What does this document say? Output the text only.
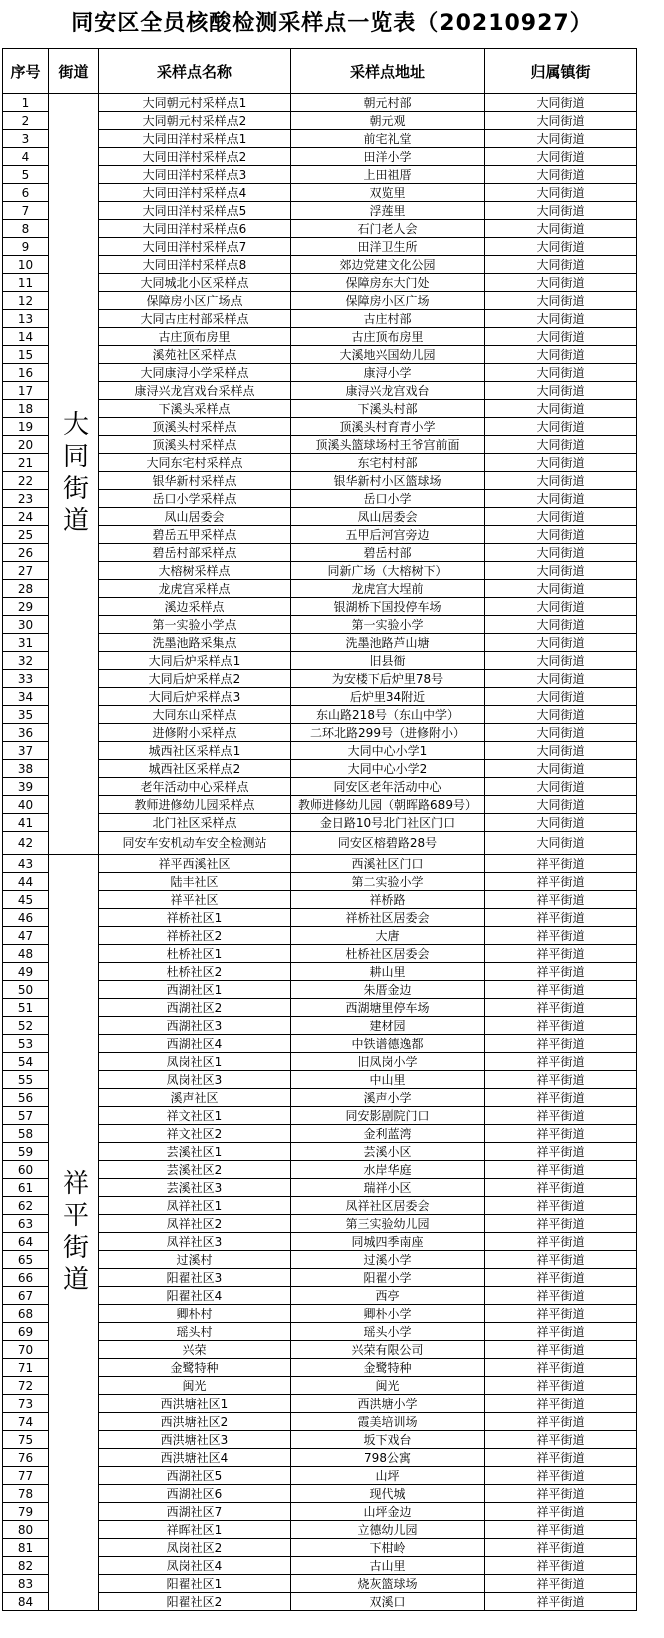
同安区全员核酸检测采样点一览表（20210927）
序号	街道	采样点名称	采样点地址	归属镇街
1	大同街道	大同朝元村采样点1	朝元村部	大同街道
2		大同朝元村采样点2	朝元观	大同街道
3		大同田洋村采样点1	前宅礼堂	大同街道
4		大同田洋村采样点2	田洋小学	大同街道
5		大同田洋村采样点3	上田祖厝	大同街道
6		大同田洋村采样点4	双览里	大同街道
7		大同田洋村采样点5	浮莲里	大同街道
8		大同田洋村采样点6	石门老人会	大同街道
9		大同田洋村采样点7	田洋卫生所	大同街道
10		大同田洋村采样点8	郊边党建文化公园	大同街道
11		大同城北小区采样点	保障房东大门处	大同街道
12		保障房小区广场点	保障房小区广场	大同街道
13		大同古庄村部采样点	古庄村部	大同街道
14		古庄顶布房里	古庄顶布房里	大同街道
15		溪苑社区采样点	大溪地兴国幼儿园	大同街道
16		大同康浔小学采样点	康浔小学	大同街道
17		康浔兴龙宫戏台采样点	康浔兴龙宫戏台	大同街道
18		下溪头采样点	下溪头村部	大同街道
19		顶溪头村采样点	顶溪头村育青小学	大同街道
20		顶溪头村采样点	顶溪头篮球场村王爷宫前面	大同街道
21		大同东宅村采样点	东宅村村部	大同街道
22		银华新村采样点	银华新村小区篮球场	大同街道
23		岳口小学采样点	岳口小学	大同街道
24		凤山居委会	凤山居委会	大同街道
25		碧岳五甲采样点	五甲后河宫旁边	大同街道
26		碧岳村部采样点	碧岳村部	大同街道
27		大榕树采样点	同新广场（大榕树下）	大同街道
28		龙虎宫采样点	龙虎宫大埕前	大同街道
29		溪边采样点	银湖桥下国投停车场	大同街道
30		第一实验小学点	第一实验小学	大同街道
31		洗墨池路采集点	洗墨池路芦山塘	大同街道
32		大同后炉采样点1	旧县衙	大同街道
33		大同后炉采样点2	为安楼下后炉里78号	大同街道
34		大同后炉采样点3	后炉里34附近	大同街道
35		大同东山采样点	东山路218号（东山中学）	大同街道
36		进修附小采样点	二环北路299号（进修附小）	大同街道
37		城西社区采样点1	大同中心小学1	大同街道
38		城西社区采样点2	大同中心小学2	大同街道
39		老年活动中心采样点	同安区老年活动中心	大同街道
40		教师进修幼儿园采样点	教师进修幼儿园（朝晖路689号）	大同街道
41		北门社区采样点	金日路10号北门社区门口	大同街道
42		同安车安机动车安全检测站	同安区榕碧路28号	大同街道
43	祥平街道	祥平西溪社区	西溪社区门口	祥平街道
44		陆丰社区	第二实验小学	祥平街道
45		祥平社区	祥桥路	祥平街道
46		祥桥社区1	祥桥社区居委会	祥平街道
47		祥桥社区2	大唐	祥平街道
48		杜桥社区1	杜桥社区居委会	祥平街道
49		杜桥社区2	耕山里	祥平街道
50		西湖社区1	朱厝金边	祥平街道
51		西湖社区2	西湖塘里停车场	祥平街道
52		西湖社区3	建材园	祥平街道
53		西湖社区4	中铁谱德逸都	祥平街道
54		凤岗社区1	旧凤岗小学	祥平街道
55		凤岗社区3	中山里	祥平街道
56		溪声社区	溪声小学	祥平街道
57		祥文社区1	同安影剧院门口	祥平街道
58		祥文社区2	金利蓝湾	祥平街道
59		芸溪社区1	芸溪小区	祥平街道
60		芸溪社区2	水岸华庭	祥平街道
61		芸溪社区3	瑞祥小区	祥平街道
62		凤祥社区1	凤祥社区居委会	祥平街道
63		凤祥社区2	第三实验幼儿园	祥平街道
64		凤祥社区3	同城四季南座	祥平街道
65		过溪村	过溪小学	祥平街道
66		阳翟社区3	阳翟小学	祥平街道
67		阳翟社区4	西亭	祥平街道
68		卿朴村	卿朴小学	祥平街道
69		瑶头村	瑶头小学	祥平街道
70		兴荣	兴荣有限公司	祥平街道
71		金鹭特种	金鹭特种	祥平街道
72		闽光	闽光	祥平街道
73		西洪塘社区1	西洪塘小学	祥平街道
74		西洪塘社区2	霞美培训场	祥平街道
75		西洪塘社区3	坂下戏台	祥平街道
76		西洪塘社区4	798公寓	祥平街道
77		西湖社区5	山坪	祥平街道
78		西湖社区6	现代城	祥平街道
79		西湖社区7	山坪金边	祥平街道
80		祥晖社区1	立德幼儿园	祥平街道
81		凤岗社区2	下柑岭	祥平街道
82		凤岗社区4	古山里	祥平街道
83		阳翟社区1	烧灰篮球场	祥平街道
84		阳翟社区2	双溪口	祥平街道
